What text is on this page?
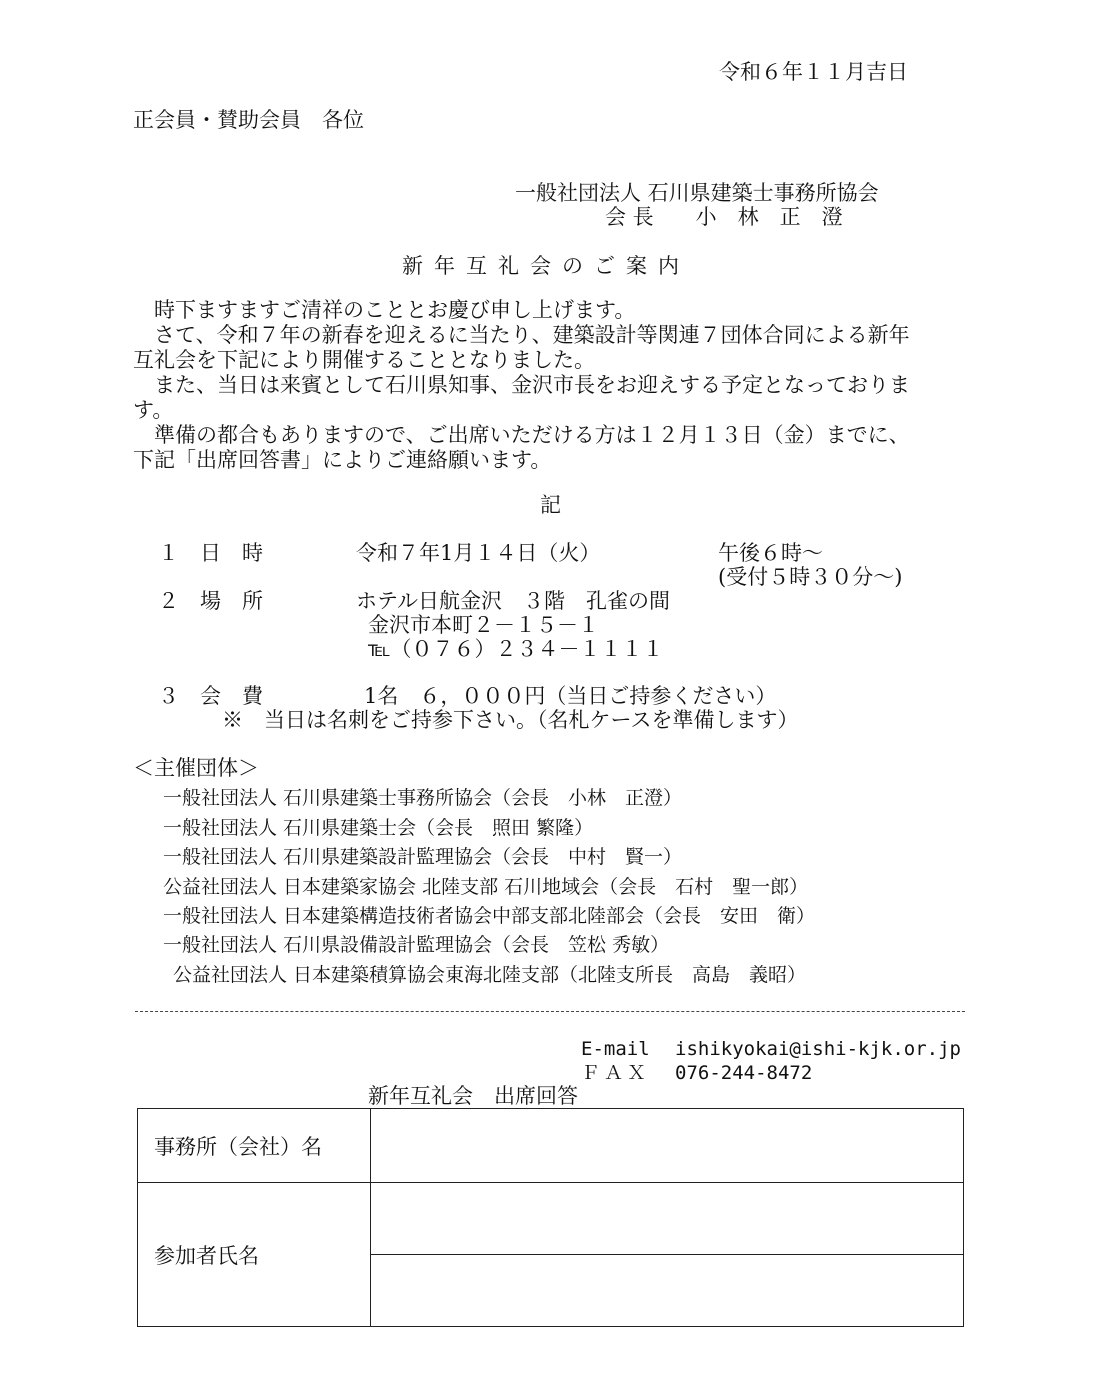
令和６年１１月吉日
正会員・賛助会員　各位
一般社団法人 石川県建築士事務所協会
会 長　　小　林　正　澄
新年互礼会のご案内
　時下ますますご清祥のこととお慶び申し上げます。
　さて、令和７年の新春を迎えるに当たり、建築設計等関連７団体合同による新年
互礼会を下記により開催することとなりました。
　また、当日は来賓として石川県知事、金沢市長をお迎えする予定となっておりま
す。
　準備の都合もありますので、ご出席いただける方は１２月１３日（金）までに、
下記「出席回答書」によりご連絡願います。
記
１　日　時	令和７年1月１４日（火）	午後６時～
(受付５時３０分～)
２　場　所	ホテル日航金沢　３階　孔雀の間
金沢市本町２－１５－１
℡（０７６）２３４－１１１１
３　会　費	1名　６，０００円（当日ご持参ください）
※　当日は名刺をご持参下さい。（名札ケースを準備します）
＜主催団体＞
一般社団法人 石川県建築士事務所協会（会長　小林　正澄）
一般社団法人 石川県建築士会（会長　照田 繁隆）
一般社団法人 石川県建築設計監理協会（会長　中村　賢一）
公益社団法人 日本建築家協会 北陸支部 石川地域会（会長　石村　聖一郎）
一般社団法人 日本建築構造技術者協会中部支部北陸部会（会長　安田　衛）
一般社団法人 石川県設備設計監理協会（会長　笠松 秀敏）
公益社団法人 日本建築積算協会東海北陸支部（北陸支所長　高島　義昭）
E-mail ishikyokai@ishi-kjk.or.jp
ＦＡＸ 076-244-8472
新年互礼会　出席回答
事務所（会社）名	
参加者氏名	
